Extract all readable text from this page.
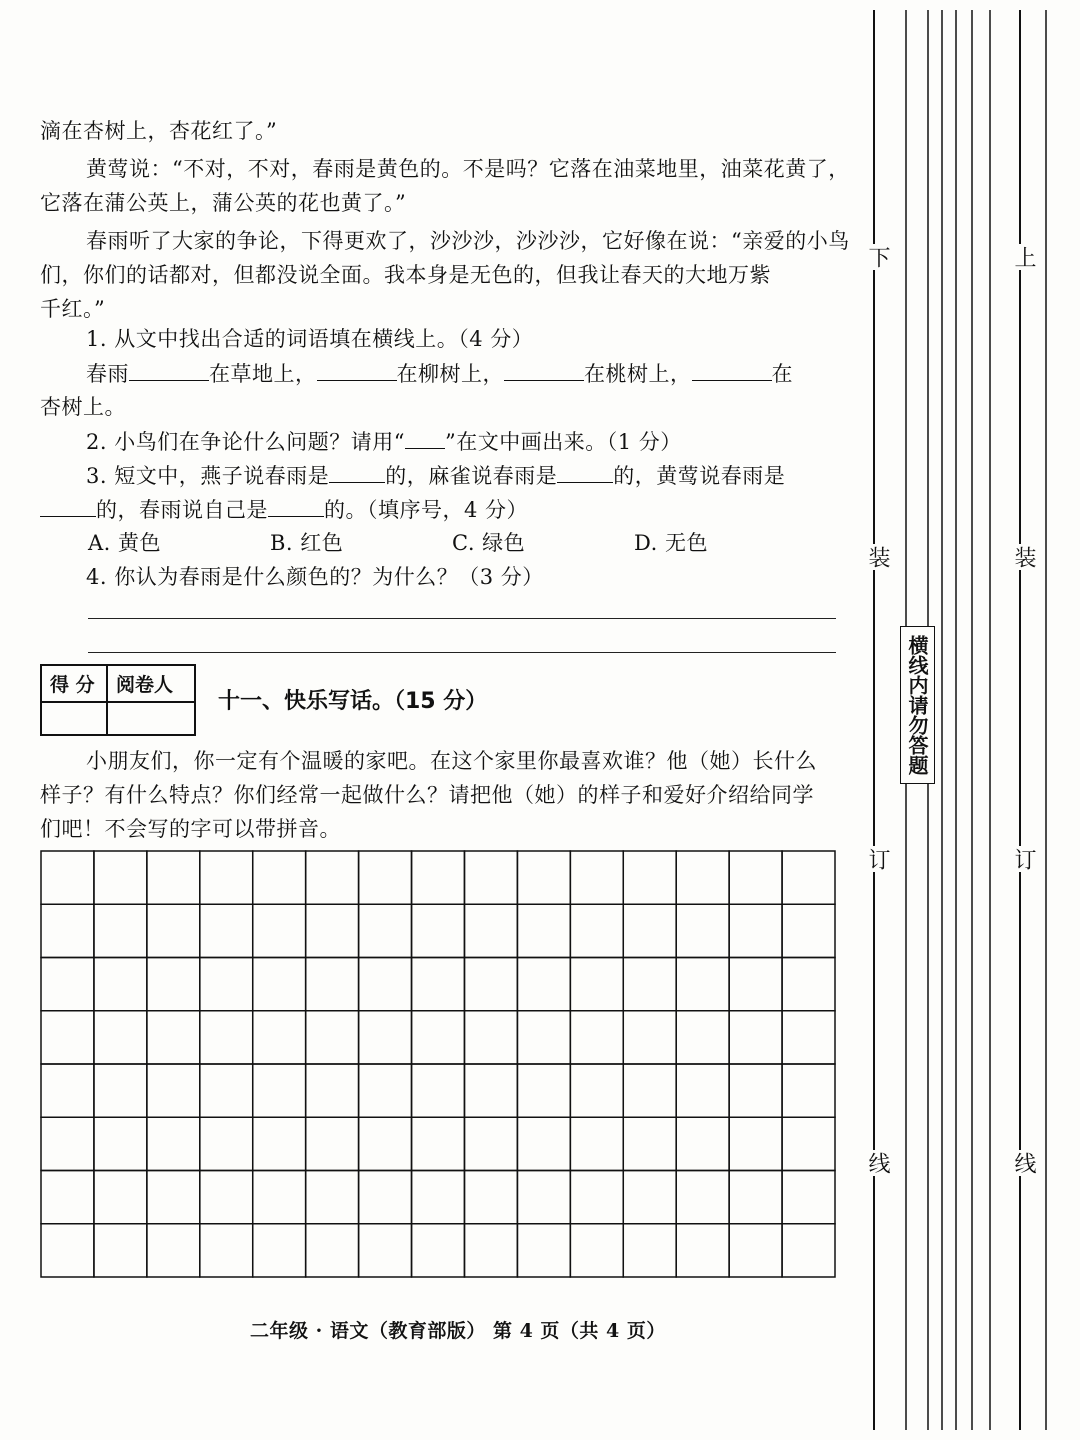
滴在杏树上，杏花红了。”
黄莺说：“不对，不对，春雨是黄色的。不是吗？它落在油菜地里，油菜花黄了，
它落在蒲公英上，蒲公英的花也黄了。”
春雨听了大家的争论，下得更欢了，沙沙沙，沙沙沙，它好像在说：“亲爱的小鸟
们，你们的话都对，但都没说全面。我本身是无色的，但我让春天的大地万紫
千红。”
1. 从文中找出合适的词语填在横线上。（4 分）
春雨	在草地上，	在柳树上，	在桃树上，	在
杏树上。
2. 小鸟们在争论什么问题？请用“ ”在文中画出来。（1 分）
3. 短文中，燕子说春雨是	的，麻雀说春雨是	的，黄莺说春雨是
的，春雨说自己是	的。（填序号，4 分）
A. 黄色	B. 红色	C. 绿色	D. 无色
4. 你认为春雨是什么颜色的？为什么？（3 分）
得 分 阅卷人
十一、快乐写话。（15 分）
小朋友们，你一定有个温暖的家吧。在这个家里你最喜欢谁？他（她）长什么
样子？有什么特点？你们经常一起做什么？请把他（她）的样子和爱好介绍给同学
们吧！不会写的字可以带拼音。
二年级 · 语文（教育部版） 第 4 页（共 4 页）
下
装
订
线
上
装
订
线
横线内请勿答题
